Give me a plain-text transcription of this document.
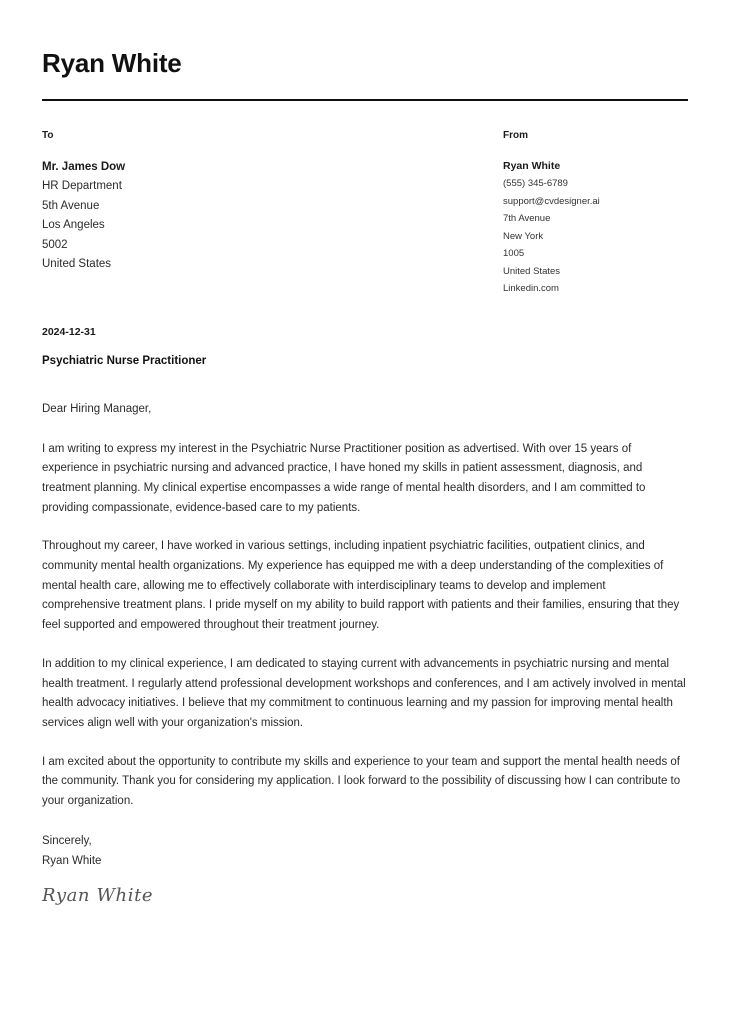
Ryan White
To
Mr. James Dow
HR Department
5th Avenue
Los Angeles
5002
United States
From
Ryan White
(555) 345-6789
support@cvdesigner.ai
7th Avenue
New York
1005
United States
Linkedin.com
2024-12-31
Psychiatric Nurse Practitioner
Dear Hiring Manager,

I am writing to express my interest in the Psychiatric Nurse Practitioner position as advertised. With over 15 years of experience in psychiatric nursing and advanced practice, I have honed my skills in patient assessment, diagnosis, and treatment planning. My clinical expertise encompasses a wide range of mental health disorders, and I am committed to providing compassionate, evidence-based care to my patients.

Throughout my career, I have worked in various settings, including inpatient psychiatric facilities, outpatient clinics, and community mental health organizations. My experience has equipped me with a deep understanding of the complexities of mental health care, allowing me to effectively collaborate with interdisciplinary teams to develop and implement comprehensive treatment plans. I pride myself on my ability to build rapport with patients and their families, ensuring that they feel supported and empowered throughout their treatment journey.

In addition to my clinical experience, I am dedicated to staying current with advancements in psychiatric nursing and mental health treatment. I regularly attend professional development workshops and conferences, and I am actively involved in mental health advocacy initiatives. I believe that my commitment to continuous learning and my passion for improving mental health services align well with your organization's mission.

I am excited about the opportunity to contribute my skills and experience to your team and support the mental health needs of the community. Thank you for considering my application. I look forward to the possibility of discussing how I can contribute to your organization.

Sincerely,
Ryan White
Ryan White
